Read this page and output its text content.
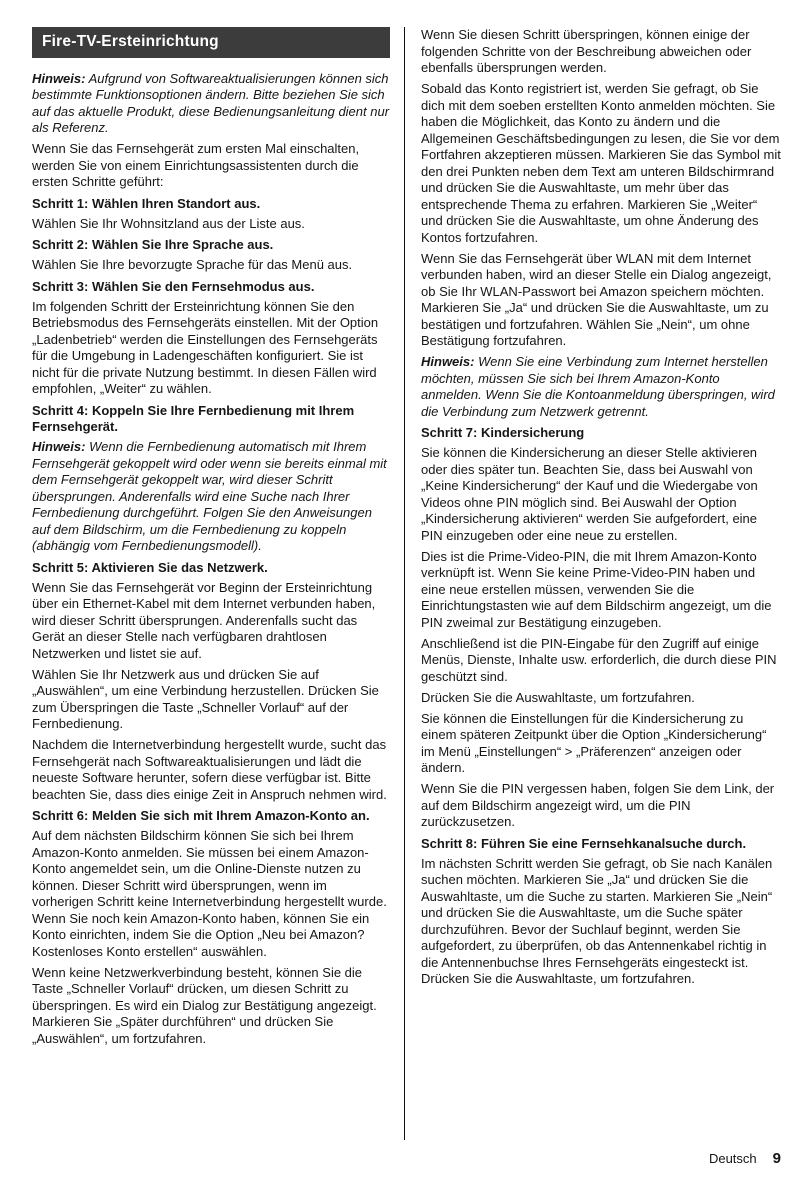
Fire-TV-Ersteinrichtung

Hinweis: Aufgrund von Softwareaktualisierungen können sich bestimmte Funktionsoptionen ändern. Bitte beziehen Sie sich auf das aktuelle Produkt, diese Bedienungsanleitung dient nur als Referenz.

Wenn Sie das Fernsehgerät zum ersten Mal einschalten, werden Sie von einem Einrichtungsassistenten durch die ersten Schritte geführt:

Schritt 1: Wählen Ihren Standort aus.

Wählen Sie Ihr Wohnsitzland aus der Liste aus.

Schritt 2: Wählen Sie Ihre Sprache aus.

Wählen Sie Ihre bevorzugte Sprache für das Menü aus.

Schritt 3: Wählen Sie den Fernsehmodus aus.

Im folgenden Schritt der Ersteinrichtung können Sie den Betriebsmodus des Fernsehgeräts einstellen. Mit der Option „Ladenbetrieb“ werden die Einstellungen des Fernsehgeräts für die Umgebung in Ladengeschäften konfiguriert. Sie ist nicht für die private Nutzung bestimmt. In diesen Fällen wird empfohlen, „Weiter“ zu wählen.

Schritt 4: Koppeln Sie Ihre Fernbedienung mit Ihrem Fernsehgerät.

Hinweis: Wenn die Fernbedienung automatisch mit Ihrem Fernsehgerät gekoppelt wird oder wenn sie bereits einmal mit dem Fernsehgerät gekoppelt war, wird dieser Schritt übersprungen. Anderenfalls wird eine Suche nach Ihrer Fernbedienung durchgeführt. Folgen Sie den Anweisungen auf dem Bildschirm, um die Fernbedienung zu koppeln (abhängig vom Fernbedienungsmodell).

Schritt 5: Aktivieren Sie das Netzwerk.

Wenn Sie das Fernsehgerät vor Beginn der Ersteinrichtung über ein Ethernet-Kabel mit dem Internet verbunden haben, wird dieser Schritt übersprungen. Anderenfalls sucht das Gerät an dieser Stelle nach verfügbaren drahtlosen Netzwerken und listet sie auf.

Wählen Sie Ihr Netzwerk aus und drücken Sie auf „Auswählen“, um eine Verbindung herzustellen. Drücken Sie zum Überspringen die Taste „Schneller Vorlauf“ auf der Fernbedienung.

Nachdem die Internetverbindung hergestellt wurde, sucht das Fernsehgerät nach Softwareaktualisierungen und lädt die neueste Software herunter, sofern diese verfügbar ist. Bitte beachten Sie, dass dies einige Zeit in Anspruch nehmen wird.

Schritt 6: Melden Sie sich mit Ihrem Amazon-Konto an.

Auf dem nächsten Bildschirm können Sie sich bei Ihrem Amazon-Konto anmelden. Sie müssen bei einem Amazon-Konto angemeldet sein, um die Online-Dienste nutzen zu können. Dieser Schritt wird übersprungen, wenn im vorherigen Schritt keine Internetverbindung hergestellt wurde. Wenn Sie noch kein Amazon-Konto haben, können Sie ein Konto einrichten, indem Sie die Option „Neu bei Amazon? Kostenloses Konto erstellen“ auswählen.

Wenn keine Netzwerkverbindung besteht, können Sie die Taste „Schneller Vorlauf“ drücken, um diesen Schritt zu überspringen. Es wird ein Dialog zur Bestätigung angezeigt. Markieren Sie „Später durchführen“ und drücken Sie „Auswählen“, um fortzufahren.

Wenn Sie diesen Schritt überspringen, können einige der folgenden Schritte von der Beschreibung abweichen oder ebenfalls übersprungen werden.

Sobald das Konto registriert ist, werden Sie gefragt, ob Sie dich mit dem soeben erstellten Konto anmelden möchten. Sie haben die Möglichkeit, das Konto zu ändern und die Allgemeinen Geschäftsbedingungen zu lesen, die Sie vor dem Fortfahren akzeptieren müssen. Markieren Sie das Symbol mit den drei Punkten neben dem Text am unteren Bildschirmrand und drücken Sie die Auswahltaste, um mehr über das entsprechende Thema zu erfahren. Markieren Sie „Weiter“ und drücken Sie die Auswahltaste, um ohne Änderung des Kontos fortzufahren.

Wenn Sie das Fernsehgerät über WLAN mit dem Internet verbunden haben, wird an dieser Stelle ein Dialog angezeigt, ob Sie Ihr WLAN-Passwort bei Amazon speichern möchten. Markieren Sie „Ja“ und drücken Sie die Auswahltaste, um zu bestätigen und fortzufahren. Wählen Sie „Nein“, um ohne Bestätigung fortzufahren.

Hinweis: Wenn Sie eine Verbindung zum Internet herstellen möchten, müssen Sie sich bei Ihrem Amazon-Konto anmelden. Wenn Sie die Kontoanmeldung überspringen, wird die Verbindung zum Netzwerk getrennt.

Schritt 7: Kindersicherung

Sie können die Kindersicherung an dieser Stelle aktivieren oder dies später tun. Beachten Sie, dass bei Auswahl von „Keine Kindersicherung“ der Kauf und die Wiedergabe von Videos ohne PIN möglich sind. Bei Auswahl der Option „Kindersicherung aktivieren“ werden Sie aufgefordert, eine PIN einzugeben oder eine neue zu erstellen.

Dies ist die Prime-Video-PIN, die mit Ihrem Amazon-Konto verknüpft ist. Wenn Sie keine Prime-Video-PIN haben und eine neue erstellen müssen, verwenden Sie die Einrichtungstasten wie auf dem Bildschirm angezeigt, um die PIN zweimal zur Bestätigung einzugeben.

Anschließend ist die PIN-Eingabe für den Zugriff auf einige Menüs, Dienste, Inhalte usw. erforderlich, die durch diese PIN geschützt sind.

Drücken Sie die Auswahltaste, um fortzufahren.

Sie können die Einstellungen für die Kindersicherung zu einem späteren Zeitpunkt über die Option „Kindersicherung“ im Menü „Einstellungen“ > „Präferenzen“ anzeigen oder ändern.

Wenn Sie die PIN vergessen haben, folgen Sie dem Link, der auf dem Bildschirm angezeigt wird, um die PIN zurückzusetzen.

Schritt 8: Führen Sie eine Fernsehkanalsuche durch.

Im nächsten Schritt werden Sie gefragt, ob Sie nach Kanälen suchen möchten. Markieren Sie „Ja“ und drücken Sie die Auswahltaste, um die Suche zu starten. Markieren Sie „Nein“ und drücken Sie die Auswahltaste, um die Suche später durchzuführen. Bevor der Suchlauf beginnt, werden Sie aufgefordert, zu überprüfen, ob das Antennenkabel richtig in die Antennenbuchse Ihres Fernsehgeräts eingesteckt ist. Drücken Sie die Auswahltaste, um fortzufahren.

Deutsch 9
